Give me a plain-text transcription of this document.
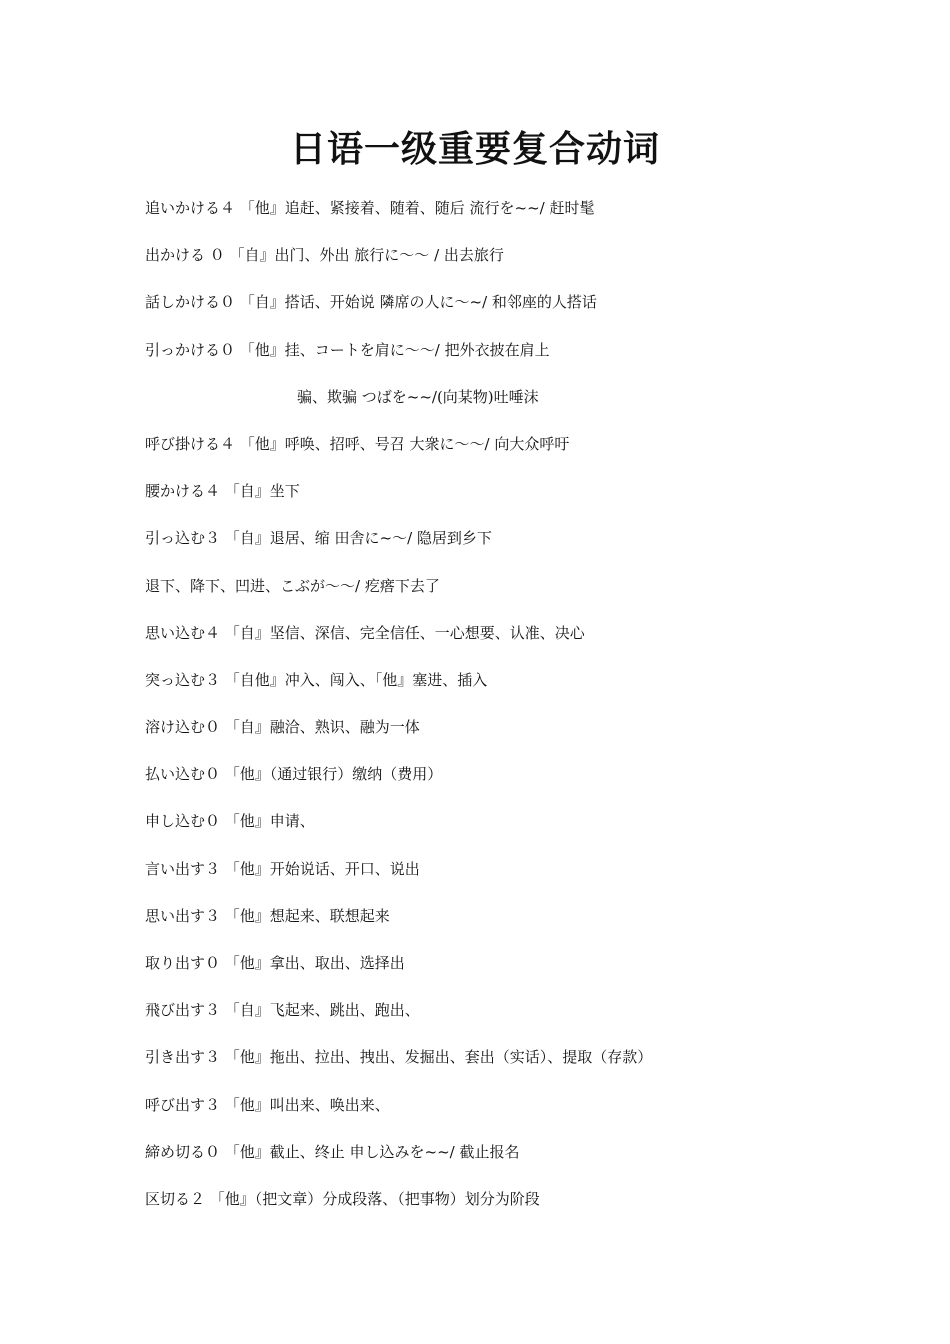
日语一级重要复合动词
追いかける４ 「他』追赶、紧接着、随着、随后 流行を~~/ 赶时髦
出かける ０ 「自』出门、外出 旅行に～～ / 出去旅行
話しかける０ 「自』搭话、开始说 隣席の人に～~/ 和邻座的人搭话
引っかける０ 「他』挂、コートを肩に～～/ 把外衣披在肩上
骗、欺骗 つばを~~/(向某物)吐唾沫
呼び掛ける４ 「他』呼唤、招呼、号召 大衆に～～/ 向大众呼吁
腰かける４ 「自』坐下
引っ込む３ 「自』退居、缩 田舎に~～/ 隐居到乡下
退下、降下、凹进、こぶが～～/ 疙瘩下去了
思い込む４ 「自』坚信、深信、完全信任、一心想要、认准、决心
突っ込む３ 「自他』冲入、闯入、「他』塞进、插入
溶け込む０ 「自』融洽、熟识、融为一体
払い込む０ 「他』（通过银行）缴纳（费用）
申し込む０ 「他』申请、
言い出す３ 「他』开始说话、开口、说出
思い出す３ 「他』想起来、联想起来
取り出す０ 「他』拿出、取出、选择出
飛び出す３ 「自』飞起来、跳出、跑出、
引き出す３ 「他』拖出、拉出、拽出、发掘出、套出（实话）、提取（存款）
呼び出す３ 「他』叫出来、唤出来、
締め切る０ 「他』截止、终止 申し込みを~~/ 截止报名
区切る２ 「他』（把文章）分成段落、（把事物）划分为阶段
